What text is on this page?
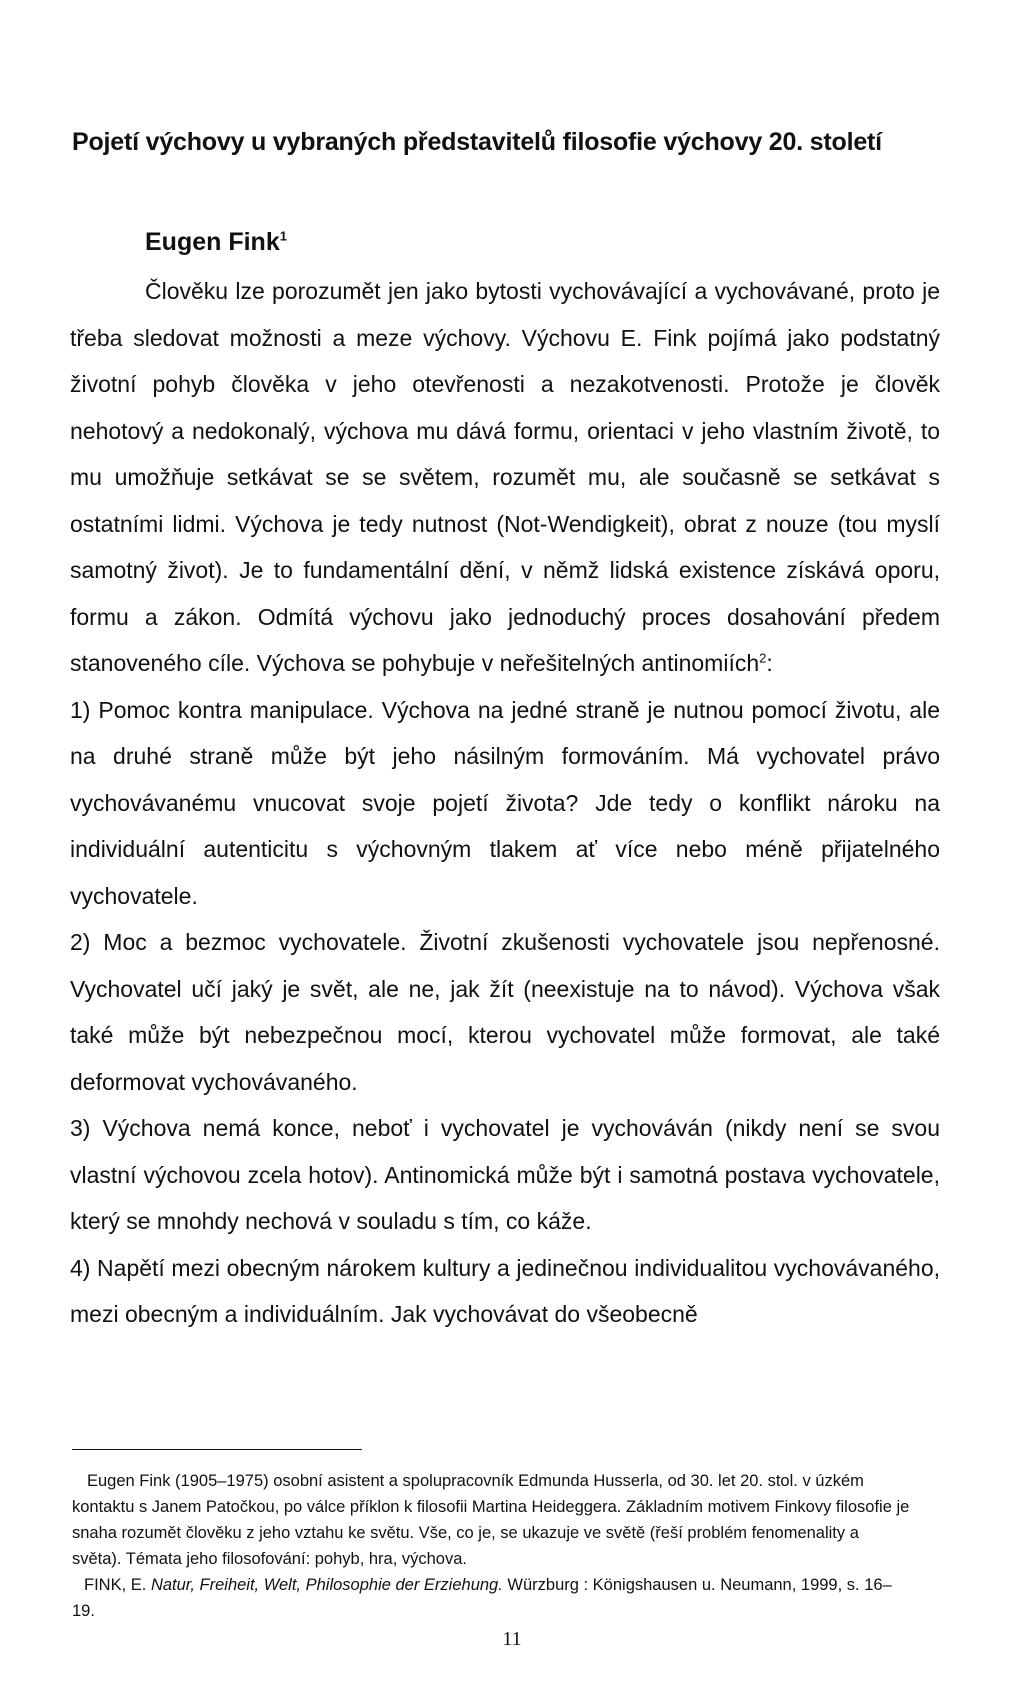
Pojetí výchovy u vybraných představitelů filosofie výchovy 20. století
Eugen Fink$^1$

Člověku lze porozumět jen jako bytosti vychovávající a vychovávané, proto je třeba sledovat možnosti a meze výchovy. Výchovu E. Fink pojímá jako podstatný životní pohyb člověka v jeho otevřenosti a nezakotvenosti. Protože je člověk nehotový a nedokonalý, výchova mu dává formu, orientaci v jeho vlastním životě, to mu umožňuje setkávat se se světem, rozumět mu, ale současně se setkávat s ostatními lidmi. Výchova je tedy nutnost (Not-Wendigkeit), obrat z nouze (tou myslí samotný život). Je to fundamentální dění, v němž lidská existence získává oporu, formu a zákon. Odmítá výchovu jako jednoduchý proces dosahování předem stanoveného cíle. Výchova se pohybuje v neřešitelných antinomiích$^2$:

1) Pomoc kontra manipulace. Výchova na jedné straně je nutnou pomocí životu, ale na druhé straně může být jeho násilným formováním. Má vychovatel právo vychovávanému vnucovat svoje pojetí života? Jde tedy o konflikt nároku na individuální autenticitu s výchovným tlakem ať více nebo méně přijatelného vychovatele.

2) Moc a bezmoc vychovatele. Životní zkušenosti vychovatele jsou nepřenosné. Vychovatel učí jaký je svět, ale ne, jak žít (neexistuje na to návod). Výchova však také může být nebezpečnou mocí, kterou vychovatel může formovat, ale také deformovat vychovávaného.

3) Výchova nemá konce, neboť i vychovatel je vychováván (nikdy není se svou vlastní výchovou zcela hotov). Antinomická může být i samotná postava vychovatele, který se mnohdy nechová v souladu s tím, co káže.

4) Napětí mezi obecným nárokem kultury a jedinečnou individualitou vychovávaného, mezi obecným a individuálním. Jak vychovávat do všeobecně

Eugen Fink (1905–1975) osobní asistent a spolupracovník Edmunda Husserla, od 30. let 20. stol. v úzkém kontaktu s Janem Patočkou, po válce příklon k filosofii Martina Heideggera. Základním motivem Finkovy filosofie je snaha rozumět člověku z jeho vztahu ke světu. Vše, co je, se ukazuje ve světě (řeší problém fenomenality a světa). Témata jeho filosofování: pohyb, hra, výchova.

FINK, E. Natur, Freiheit, Welt, Philosophie der Erziehung. Würzburg : Königshausen u. Neumann, 1999, s. 16–19.

11
